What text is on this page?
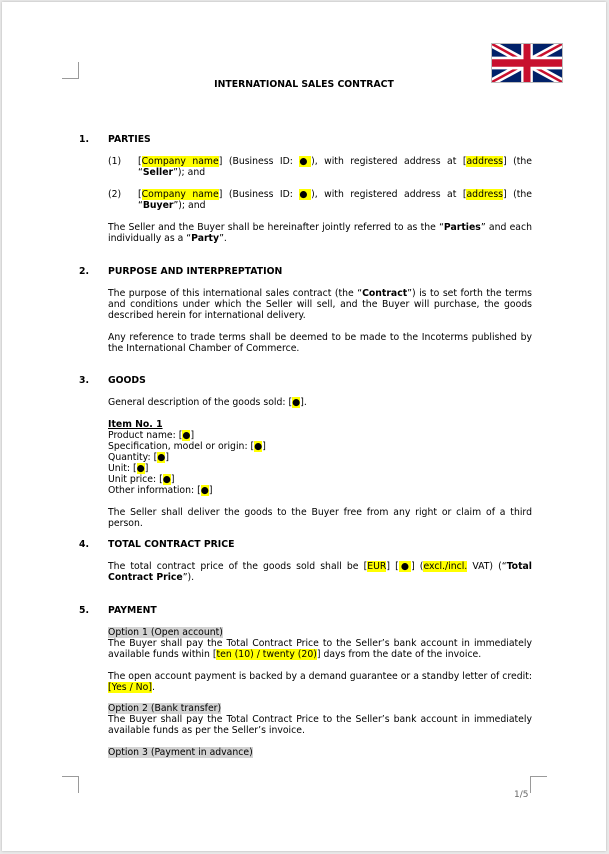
1/5
INTERNATIONAL SALES CONTRACT
1. PARTIES
(1) [Company name] (Business ID: ●), with registered address at [address] (the “Seller”); and
(2) [Company name] (Business ID: ●), with registered address at [address] (the “Buyer”); and
The Seller and the Buyer shall be hereinafter jointly referred to as the “Parties” and each individually as a “Party”.
2. PURPOSE AND INTERPREPTATION
The purpose of this international sales contract (the “Contract”) is to set forth the terms and conditions under which the Seller will sell, and the Buyer will purchase, the goods described herein for international delivery.
Any reference to trade terms shall be deemed to be made to the Incoterms published by the International Chamber of Commerce.
3. GOODS
General description of the goods sold: [●].
Item No. 1
Product name: [●]
Specification, model or origin: [●]
Quantity: [●]
Unit: [●]
Unit price: [●]
Other information: [●]
The Seller shall deliver the goods to the Buyer free from any right or claim of a third person.
4. TOTAL CONTRACT PRICE
The total contract price of the goods sold shall be [EUR] [●] (excl./incl. VAT) (“Total Contract Price”).
5. PAYMENT
Option 1 (Open account)
The Buyer shall pay the Total Contract Price to the Seller’s bank account in immediately available funds within [ten (10) / twenty (20)] days from the date of the invoice.
The open account payment is backed by a demand guarantee or a standby letter of credit: [Yes / No].
Option 2 (Bank transfer)
The Buyer shall pay the Total Contract Price to the Seller’s bank account in immediately available funds as per the Seller’s invoice.
Option 3 (Payment in advance)
